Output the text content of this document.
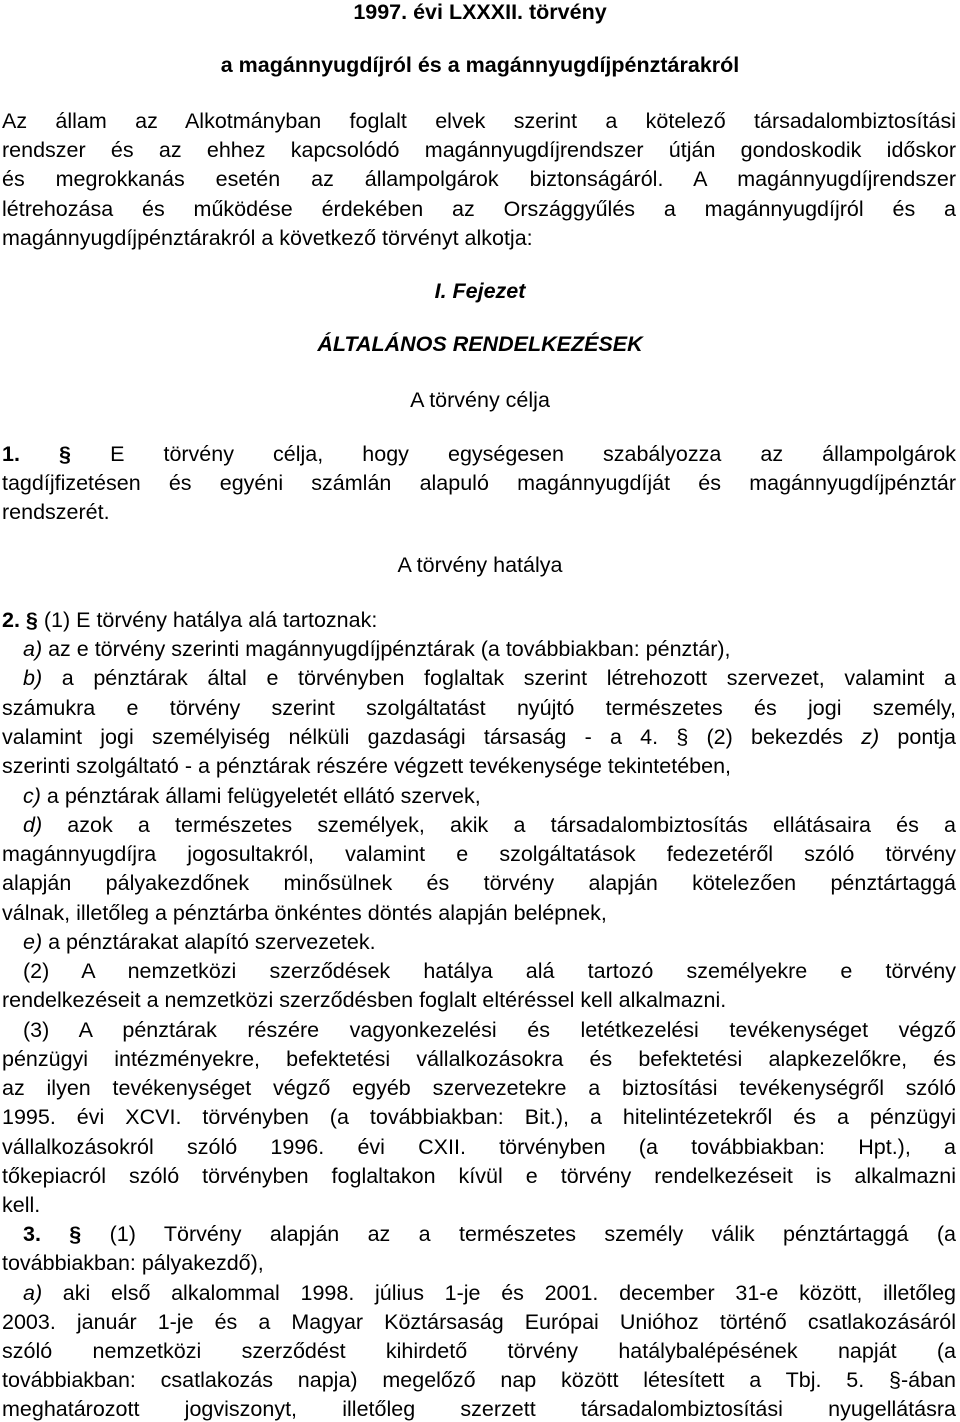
1997. évi LXXXII. törvény
a magánnyugdíjról és a magánnyugdíjpénztárakról
Az állam az Alkotmányban foglalt elvek szerint a kötelező társadalombiztosítási
rendszer és az ehhez kapcsolódó magánnyugdíjrendszer útján gondoskodik időskor
és megrokkanás esetén az állampolgárok biztonságáról. A magánnyugdíjrendszer
létrehozása és működése érdekében az Országgyűlés a magánnyugdíjról és a
magánnyugdíjpénztárakról a következő törvényt alkotja:
I. Fejezet
ÁLTALÁNOS RENDELKEZÉSEK
A törvény célja
1. § E törvény célja, hogy egységesen szabályozza az állampolgárok
tagdíjfizetésen és egyéni számlán alapuló magánnyugdíját és magánnyugdíjpénztár
rendszerét.
A törvény hatálya
2. § (1) E törvény hatálya alá tartoznak:
a) az e törvény szerinti magánnyugdíjpénztárak (a továbbiakban: pénztár),
b) a pénztárak által e törvényben foglaltak szerint létrehozott szervezet, valamint a
számukra e törvény szerint szolgáltatást nyújtó természetes és jogi személy,
valamint jogi személyiség nélküli gazdasági társaság - a 4. § (2) bekezdés z) pontja
szerinti szolgáltató - a pénztárak részére végzett tevékenysége tekintetében,
c) a pénztárak állami felügyeletét ellátó szervek,
d) azok a természetes személyek, akik a társadalombiztosítás ellátásaira és a
magánnyugdíjra jogosultakról, valamint e szolgáltatások fedezetéről szóló törvény
alapján pályakezdőnek minősülnek és törvény alapján kötelezően pénztártaggá
válnak, illetőleg a pénztárba önkéntes döntés alapján belépnek,
e) a pénztárakat alapító szervezetek.
(2) A nemzetközi szerződések hatálya alá tartozó személyekre e törvény
rendelkezéseit a nemzetközi szerződésben foglalt eltéréssel kell alkalmazni.
(3) A pénztárak részére vagyonkezelési és letétkezelési tevékenységet végző
pénzügyi intézményekre, befektetési vállalkozásokra és befektetési alapkezelőkre, és
az ilyen tevékenységet végző egyéb szervezetekre a biztosítási tevékenységről szóló
1995. évi XCVI. törvényben (a továbbiakban: Bit.), a hitelintézetekről és a pénzügyi
vállalkozásokról szóló 1996. évi CXII. törvényben (a továbbiakban: Hpt.), a
tőkepiacról szóló törvényben foglaltakon kívül e törvény rendelkezéseit is alkalmazni
kell.
3. § (1) Törvény alapján az a természetes személy válik pénztártaggá (a
továbbiakban: pályakezdő),
a) aki első alkalommal 1998. július 1-je és 2001. december 31-e között, illetőleg
2003. január 1-je és a Magyar Köztársaság Európai Unióhoz történő csatlakozásáról
szóló nemzetközi szerződést kihirdető törvény hatálybalépésének napját (a
továbbiakban: csatlakozás napja) megelőző nap között létesített a Tbj. 5. §-ában
meghatározott jogviszonyt, illetőleg szerzett társadalombiztosítási nyugellátásra
